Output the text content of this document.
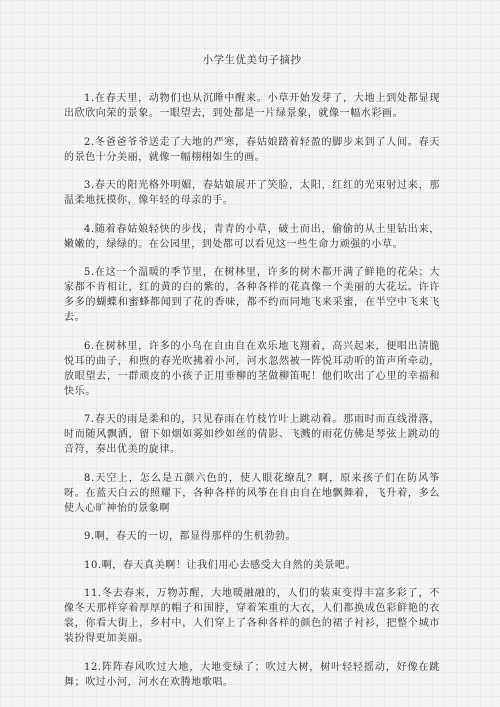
小学生优美句子摘抄

1.在春天里，动物们也从沉睡中醒来。小草开始发芽了，大地上到处都显现出欣欣向荣的景象。一眼望去，到处都是一片绿景象，就像一幅水彩画。

2.冬爸爸爷爷送走了大地的严寒，春姑娘踏着轻盈的脚步来到了人间。春天的景色十分美丽，就像一幅栩栩如生的画。

3.春天的阳光格外明媚，春姑娘展开了笑脸，太阳，红红的光束射过来，那温柔地抚摸你，像年轻的母亲的手。

4.随着春姑娘轻快的步伐，青青的小草，破土而出，偷偷的从土里钻出来，嫩嫩的，绿绿的。在公园里，到处都可以看见这一些生命力顽强的小草。

5.在这一个温暖的季节里，在树林里，许多的树木都开满了鲜艳的花朵；大家都不肯相让，红的黄的白的紫的，各种各样的花真像一个美丽的大花坛。许许多多的蝴蝶和蜜蜂都闻到了花的香味，都不约而同地飞来采蜜，在半空中飞来飞去。

6.在树林里，许多的小鸟在自由自在欢乐地飞翔着，高兴起来，便唱出清脆悦耳的曲子，和煦的春光吹拂着小河，河水忽然被一阵悦耳动听的笛声所牵动，放眼望去，一群顽皮的小孩子正用垂柳的茎做柳笛呢！他们吹出了心里的幸福和快乐。

7.春天的雨是柔和的，只见春雨在竹枝竹叶上跳动着。那雨时而直线滑落，时而随风飘洒，留下如烟如雾如纱如丝的倩影、飞溅的雨花仿佛是琴弦上跳动的音符，奏出优美的旋律。

8.天空上，怎么是五颜六色的，使人眼花缭乱？啊，原来孩子们在防风筝呀。在蓝天白云的照耀下，各种各样的风筝在自由自在地飘舞着，飞升着，多么使人心旷神怡的景象啊

9.啊，春天的一切，都显得那样的生机勃勃。

10.啊，春天真美啊！让我们用心去感受大自然的美景吧。

11.冬去春来，万物苏醒，大地暖融融的，人们的装束变得丰富多彩了，不像冬天那样穿着厚厚的帽子和围脖，穿着笨重的大衣，人们都换成色彩鲜艳的衣裳，你看大街上，乡村中，人们穿上了各种各样的颜色的裙子衬衫，把整个城市装扮得更加美丽。

12.阵阵春风吹过大地，大地变绿了；吹过大树，树叶轻轻摇动，好像在跳舞；吹过小河，河水在欢腾地歌唱。
